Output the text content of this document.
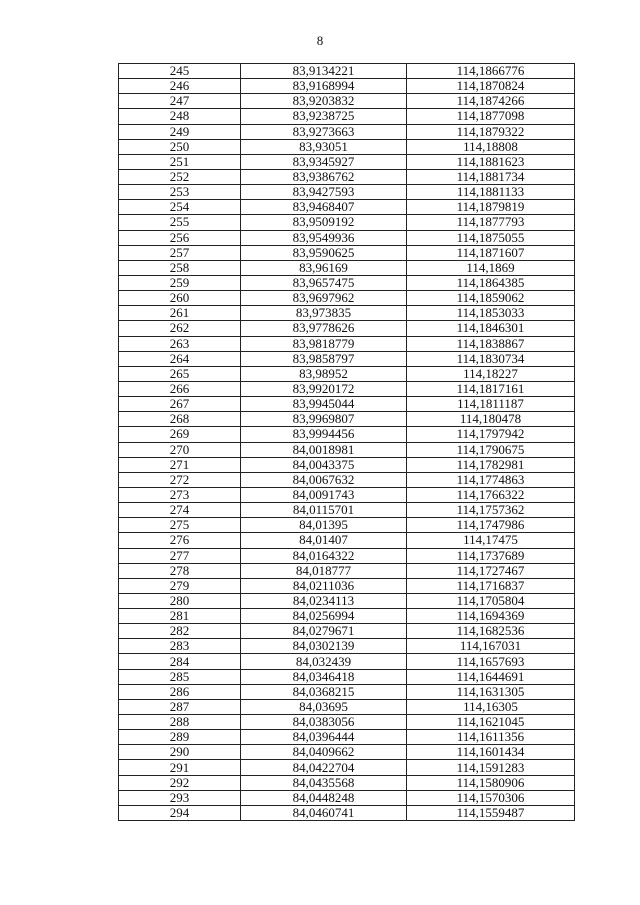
8
245	83,9134221	114,1866776
246	83,9168994	114,1870824
247	83,9203832	114,1874266
248	83,9238725	114,1877098
249	83,9273663	114,1879322
250	83,93051	114,18808
251	83,9345927	114,1881623
252	83,9386762	114,1881734
253	83,9427593	114,1881133
254	83,9468407	114,1879819
255	83,9509192	114,1877793
256	83,9549936	114,1875055
257	83,9590625	114,1871607
258	83,96169	114,1869
259	83,9657475	114,1864385
260	83,9697962	114,1859062
261	83,973835	114,1853033
262	83,9778626	114,1846301
263	83,9818779	114,1838867
264	83,9858797	114,1830734
265	83,98952	114,18227
266	83,9920172	114,1817161
267	83,9945044	114,1811187
268	83,9969807	114,180478
269	83,9994456	114,1797942
270	84,0018981	114,1790675
271	84,0043375	114,1782981
272	84,0067632	114,1774863
273	84,0091743	114,1766322
274	84,0115701	114,1757362
275	84,01395	114,1747986
276	84,01407	114,17475
277	84,0164322	114,1737689
278	84,018777	114,1727467
279	84,0211036	114,1716837
280	84,0234113	114,1705804
281	84,0256994	114,1694369
282	84,0279671	114,1682536
283	84,0302139	114,167031
284	84,032439	114,1657693
285	84,0346418	114,1644691
286	84,0368215	114,1631305
287	84,03695	114,16305
288	84,0383056	114,1621045
289	84,0396444	114,1611356
290	84,0409662	114,1601434
291	84,0422704	114,1591283
292	84,0435568	114,1580906
293	84,0448248	114,1570306
294	84,0460741	114,1559487
